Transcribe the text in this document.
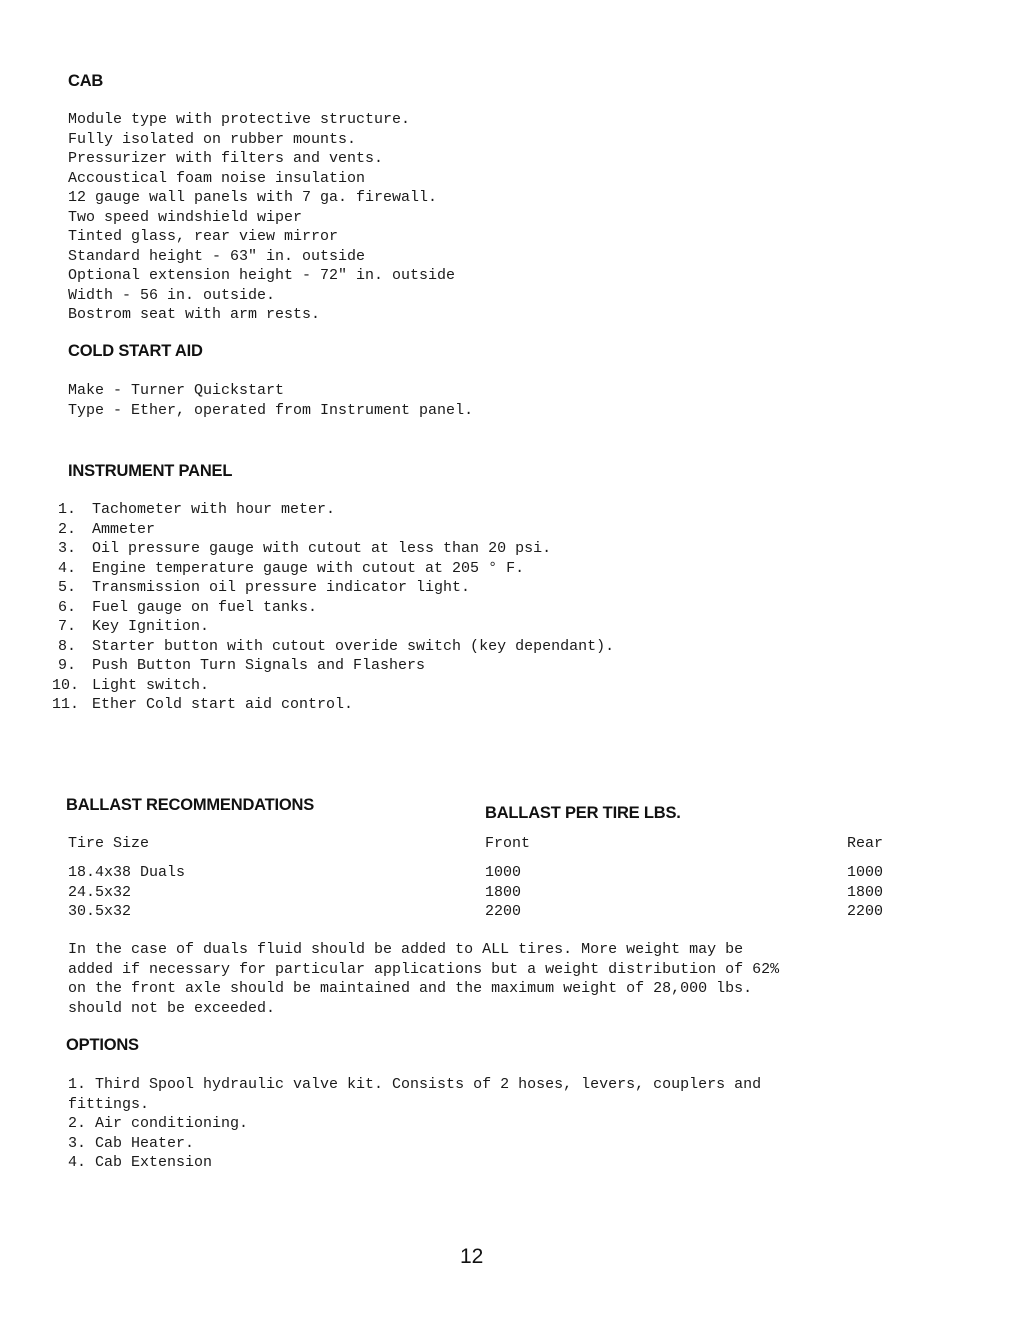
CAB
Module type with protective structure.
Fully isolated on rubber mounts.
Pressurizer with filters and vents.
Accoustical foam noise insulation
12 gauge wall panels with 7 ga. firewall.
Two speed windshield wiper
Tinted glass, rear view mirror
Standard height - 63" in. outside
Optional extension height - 72" in. outside
Width - 56 in. outside.
Bostrom seat with arm rests.
COLD START AID
Make - Turner Quickstart
Type - Ether, operated from Instrument panel.
INSTRUMENT PANEL
1.	Tachometer with hour meter.
2.	Ammeter
3.	Oil pressure gauge with cutout at less than 20 psi.
4.	Engine temperature gauge with cutout at 205 ° F.
5.	Transmission oil pressure indicator light.
6.	Fuel gauge on fuel tanks.
7.	Key Ignition.
8.	Starter button with cutout overide switch (key dependant).
9.	Push Button Turn Signals and Flashers
10. Light switch.
11. Ether Cold start aid control.
BALLAST RECOMMENDATIONS	BALLAST PER TIRE LBS.
Tire Size	Front	Rear
18.4x38 Duals	1000	1000
24.5x32	1800	1800
30.5x32	2200	2200
In the case of duals fluid should be added to ALL tires. More weight may be
added if necessary for particular applications but a weight distribution of 62%
on the front axle should be maintained and the maximum weight of 28,000 lbs.
should not be exceeded.
OPTIONS
1. Third Spool hydraulic valve kit. Consists of 2 hoses, levers, couplers and
fittings.
2. Air conditioning.
3. Cab Heater.
4. Cab Extension
12
